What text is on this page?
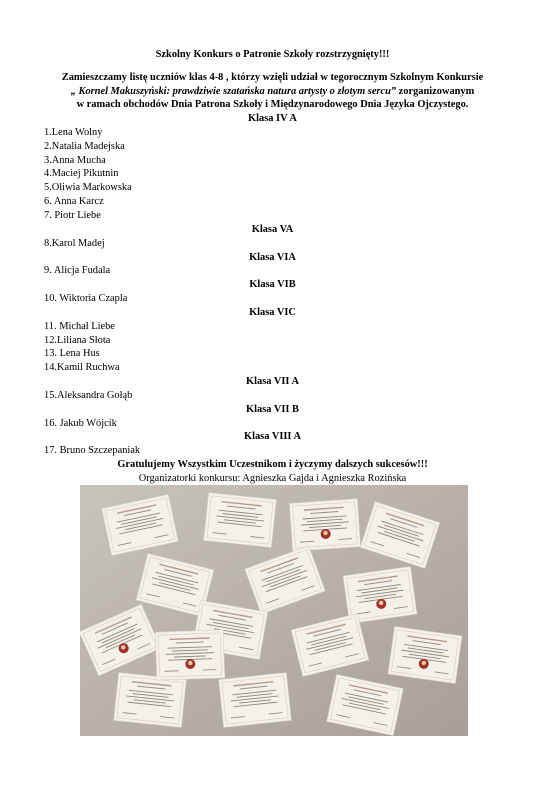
Szkolny Konkurs o Patronie Szkoły rozstrzygnięty!!!
Zamieszczamy listę uczniów klas 4-8 , którzy wzięli udział w tegorocznym Szkolnym Konkursie
„ Kornel Makuszyński: prawdziwie szatańska natura artysty o złotym sercu” zorganizowanym
w ramach obchodów Dnia Patrona Szkoły i Międzynarodowego Dnia Języka Ojczystego.
Klasa IV A
1.Lena Wolny
2.Natalia Madejska
3.Anna Mucha
4.Maciej Pikutnin
5.Oliwia Markowska
6. Anna Karcz
7. Piotr Liebe
Klasa VA
8.Karol Madej
Klasa VIA
9. Alicja Fudala
Klasa VIB
10. Wiktoria Czapla
Klasa VIC
11. Michał Liebe
12.Liliana Słota
13. Lena Hus
14.Kamil Ruchwa
Klasa VII A
15.Aleksandra Gołąb
Klasa VII B
16. Jakub Wójcik
Klasa VIII A
17. Bruno Szczepaniak
Gratulujemy Wszystkim Uczestnikom i życzymy dalszych sukcesów!!!
Organizatorki konkursu: Agnieszka Gajda i Agnieszka Rozińska
